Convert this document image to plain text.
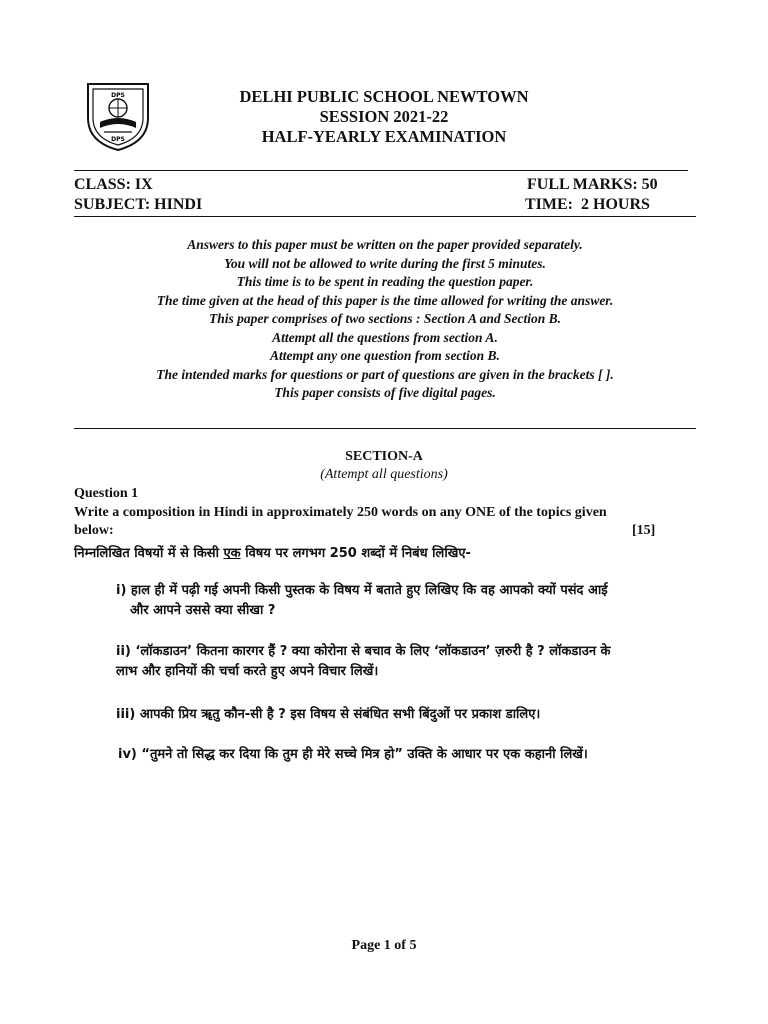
DPS
DPS
DELHI PUBLIC SCHOOL NEWTOWN
SESSION 2021-22
HALF-YEARLY EXAMINATION
CLASS: IX	FULL MARKS: 50
SUBJECT: HINDI	TIME:  2 HOURS
Answers to this paper must be written on the paper provided separately.
You will not be allowed to write during the first 5 minutes.
This time is to be spent in reading the question paper.
The time given at the head of this paper is the time allowed for writing the answer.
This paper comprises of two sections : Section A and Section B.
Attempt all the questions from section A.
Attempt any one question from section B.
The intended marks for questions or part of questions are given in the brackets [ ].
This paper consists of five digital pages.
SECTION-A
(Attempt all questions)
Question 1
Write a composition in Hindi in approximately 250 words on any ONE of the topics given
below:	[15]
निम्नलिखित विषयों में से किसी एक विषय पर लगभग 250 शब्दों में निबंध लिखिए-
i) हाल ही में पढ़ी गई अपनी किसी पुस्तक के विषय में बताते हुए लिखिए कि वह आपको क्यों पसंद आई
और आपने उससे क्या सीखा ?
ii) ‘लॉकडाउन’ कितना कारगर हैं ? क्या कोरोना से बचाव के लिए ‘लॉकडाउन’ ज़रुरी है ? लॉकडाउन के
लाभ और हानियों की चर्चा करते हुए अपने विचार लिखें।
iii) आपकी प्रिय ॠतु कौन-सी है ? इस विषय से संबंधित सभी बिंदुओं पर प्रकाश डालिए।
iv) “तुमने तो सिद्ध कर दिया कि तुम ही मेरे सच्चे मित्र हो” उक्ति के आधार पर एक कहानी लिखें।
Page 1 of 5
